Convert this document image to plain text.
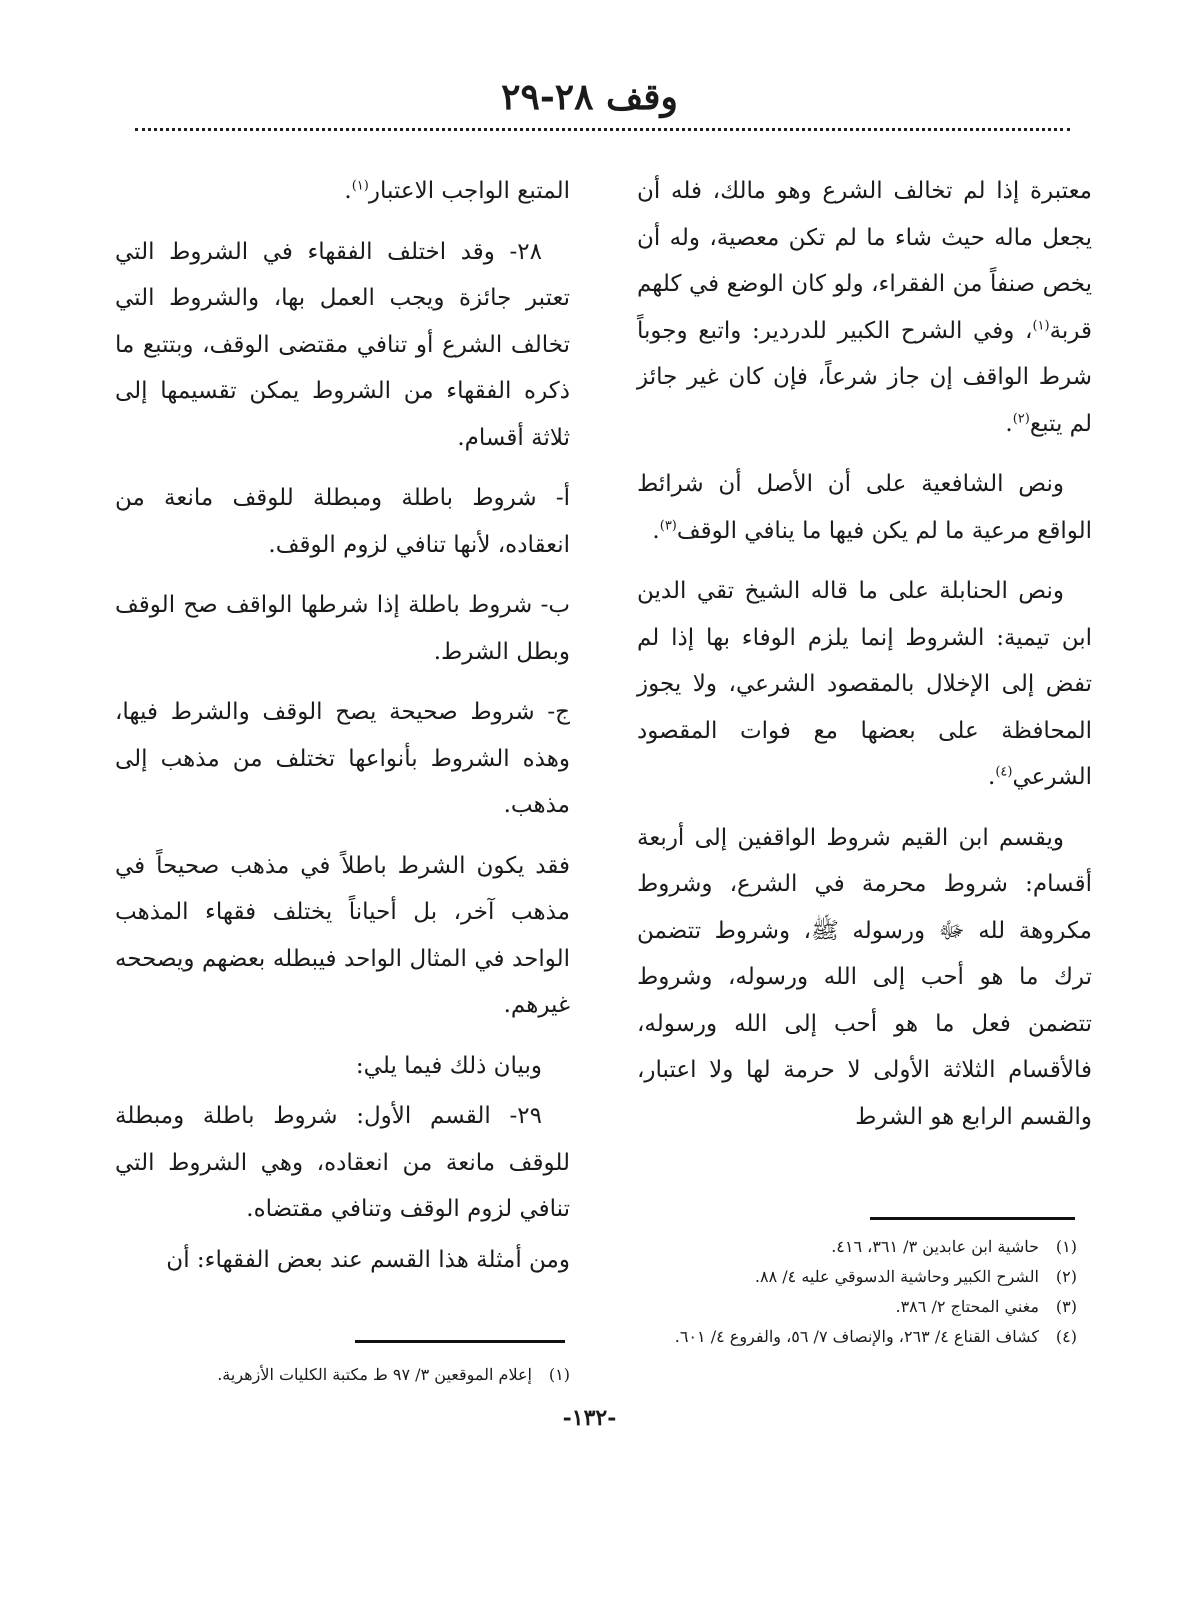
وقف ٢٨-٢٩

معتبرة إذا لم تخالف الشرع وهو مالك، فله أن يجعل ماله حيث شاء ما لم تكن معصية، وله أن يخص صنفاً من الفقراء، ولو كان الوضع في كلهم قربة$^{(١)}$، وفي الشرح الكبير للدردير: واتبع وجوباً شرط الواقف إن جاز شرعاً، فإن كان غير جائز لم يتبع$^{(٢)}$.

ونص الشافعية على أن الأصل أن شرائط الواقع مرعية ما لم يكن فيها ما ينافي الوقف$^{(٣)}$.

ونص الحنابلة على ما قاله الشيخ تقي الدين ابن تيمية: الشروط إنما يلزم الوفاء بها إذا لم تفض إلى الإخلال بالمقصود الشرعي، ولا يجوز المحافظة على بعضها مع فوات المقصود الشرعي$^{(٤)}$.

ويقسم ابن القيم شروط الواقفين إلى أربعة أقسام: شروط محرمة في الشرع، وشروط مكروهة لله ﷻ ورسوله ﷺ، وشروط تتضمن ترك ما هو أحب إلى الله ورسوله، وشروط تتضمن فعل ما هو أحب إلى الله ورسوله، فالأقسام الثلاثة الأولى لا حرمة لها ولا اعتبار، والقسم الرابع هو الشرط

(١)حاشية ابن عابدين ٣/ ٣٦١، ٤١٦.
(٢)الشرح الكبير وحاشية الدسوقي عليه ٤/ ٨٨.
(٣)مغني المحتاج ٢/ ٣٨٦.
(٤)كشاف القناع ٤/ ٢٦٣، والإنصاف ٧/ ٥٦، والفروع ٤/ ٦٠١.

المتبع الواجب الاعتبار$^{(١)}$.

٢٨- وقد اختلف الفقهاء في الشروط التي تعتبر جائزة ويجب العمل بها، والشروط التي تخالف الشرع أو تنافي مقتضى الوقف، وبتتبع ما ذكره الفقهاء من الشروط يمكن تقسيمها إلى ثلاثة أقسام.

أ- شروط باطلة ومبطلة للوقف مانعة من انعقاده، لأنها تنافي لزوم الوقف.

ب- شروط باطلة إذا شرطها الواقف صح الوقف وبطل الشرط.

ج- شروط صحيحة يصح الوقف والشرط فيها، وهذه الشروط بأنواعها تختلف من مذهب إلى مذهب.

فقد يكون الشرط باطلاً في مذهب صحيحاً في مذهب آخر، بل أحياناً يختلف فقهاء المذهب الواحد في المثال الواحد فيبطله بعضهم ويصححه غيرهم.

وبيان ذلك فيما يلي:

٢٩- القسم الأول: شروط باطلة ومبطلة للوقف مانعة من انعقاده، وهي الشروط التي تنافي لزوم الوقف وتنافي مقتضاه.

ومن أمثلة هذا القسم عند بعض الفقهاء: أن

(١)إعلام الموقعين ٣/ ٩٧ ط مكتبة الكليات الأزهرية.
-١٣٢-
